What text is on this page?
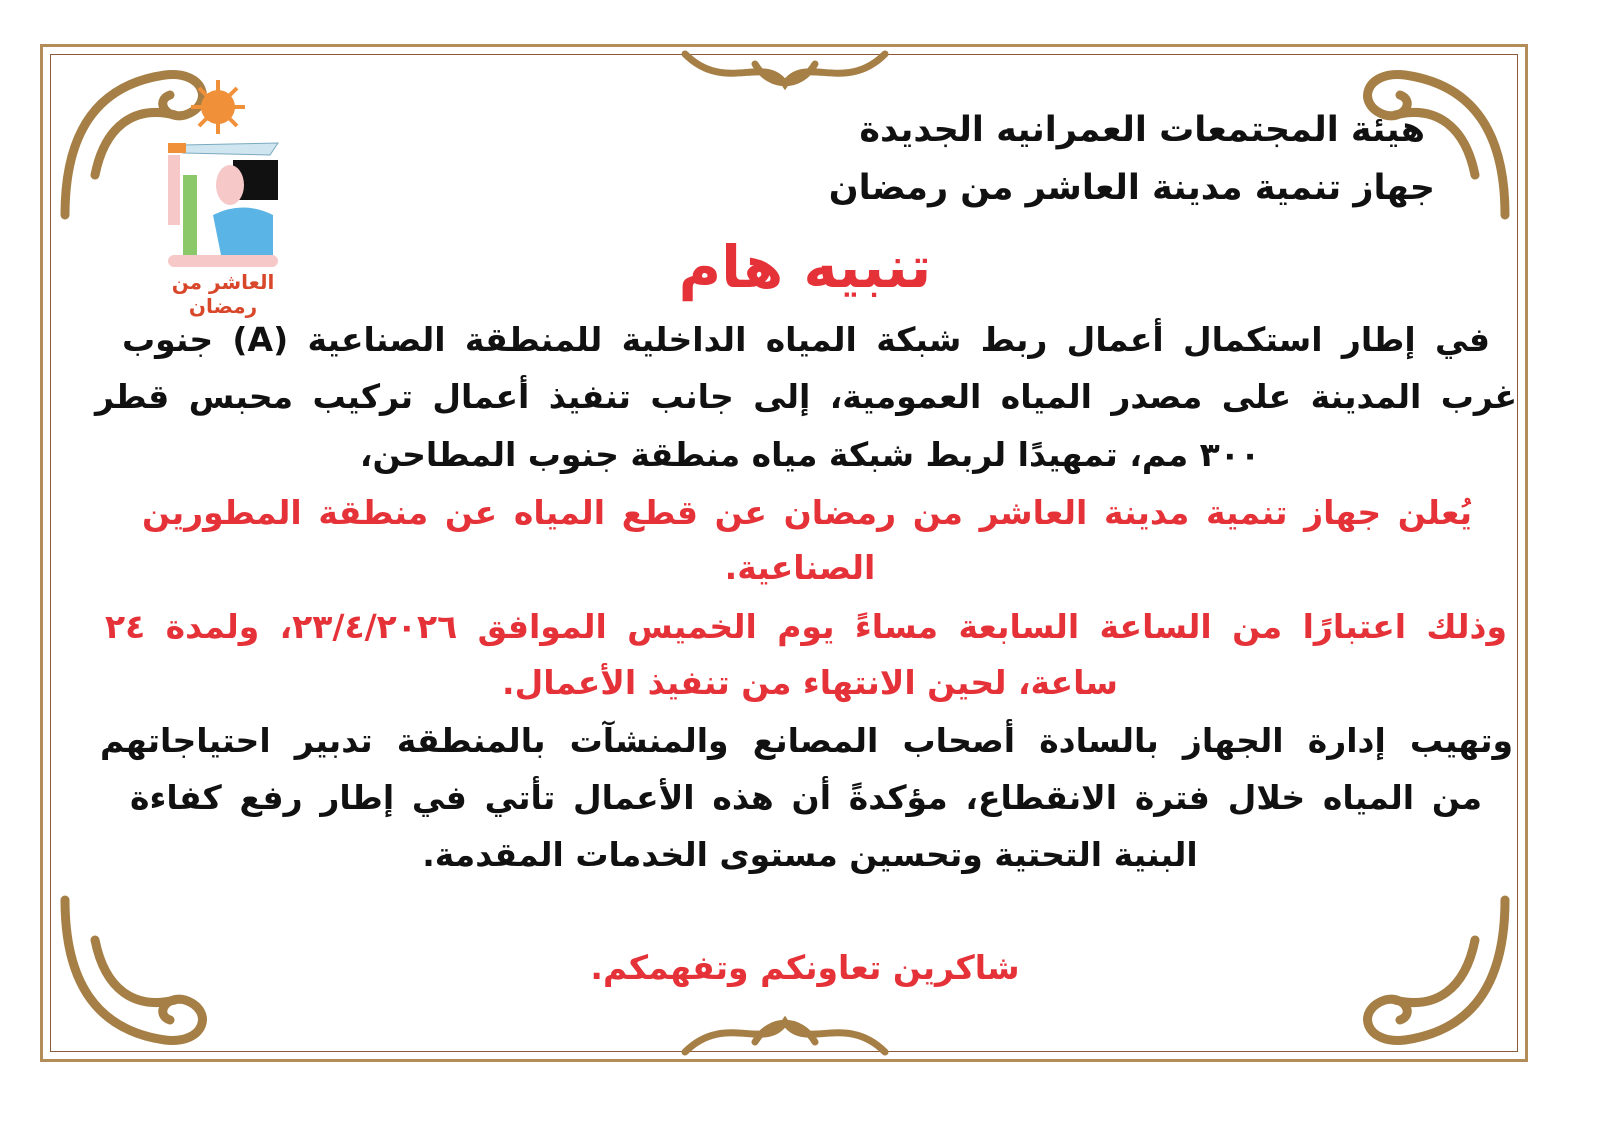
العاشر من رمضان
هيئة المجتمعات العمرانيه الجديدة
جهاز تنمية مدينة العاشر من رمضان
تنبيه هام
في إطار استكمال أعمال ربط شبكة المياه الداخلية للمنطقة الصناعية (A) جنوب
غرب المدينة على مصدر المياه العمومية، إلى جانب تنفيذ أعمال تركيب محبس قطر
٣٠٠ مم، تمهيدًا لربط شبكة مياه منطقة جنوب المطاحن،
يُعلن جهاز تنمية مدينة العاشر من رمضان عن قطع المياه عن منطقة المطورين
الصناعية.
وذلك اعتبارًا من الساعة السابعة مساءً يوم الخميس الموافق ٢٣/٤/٢٠٢٦، ولمدة ٢٤
ساعة، لحين الانتهاء من تنفيذ الأعمال.
وتهيب إدارة الجهاز بالسادة أصحاب المصانع والمنشآت بالمنطقة تدبير احتياجاتهم
من المياه خلال فترة الانقطاع، مؤكدةً أن هذه الأعمال تأتي في إطار رفع كفاءة
البنية التحتية وتحسين مستوى الخدمات المقدمة.
شاكرين تعاونكم وتفهمكم.
